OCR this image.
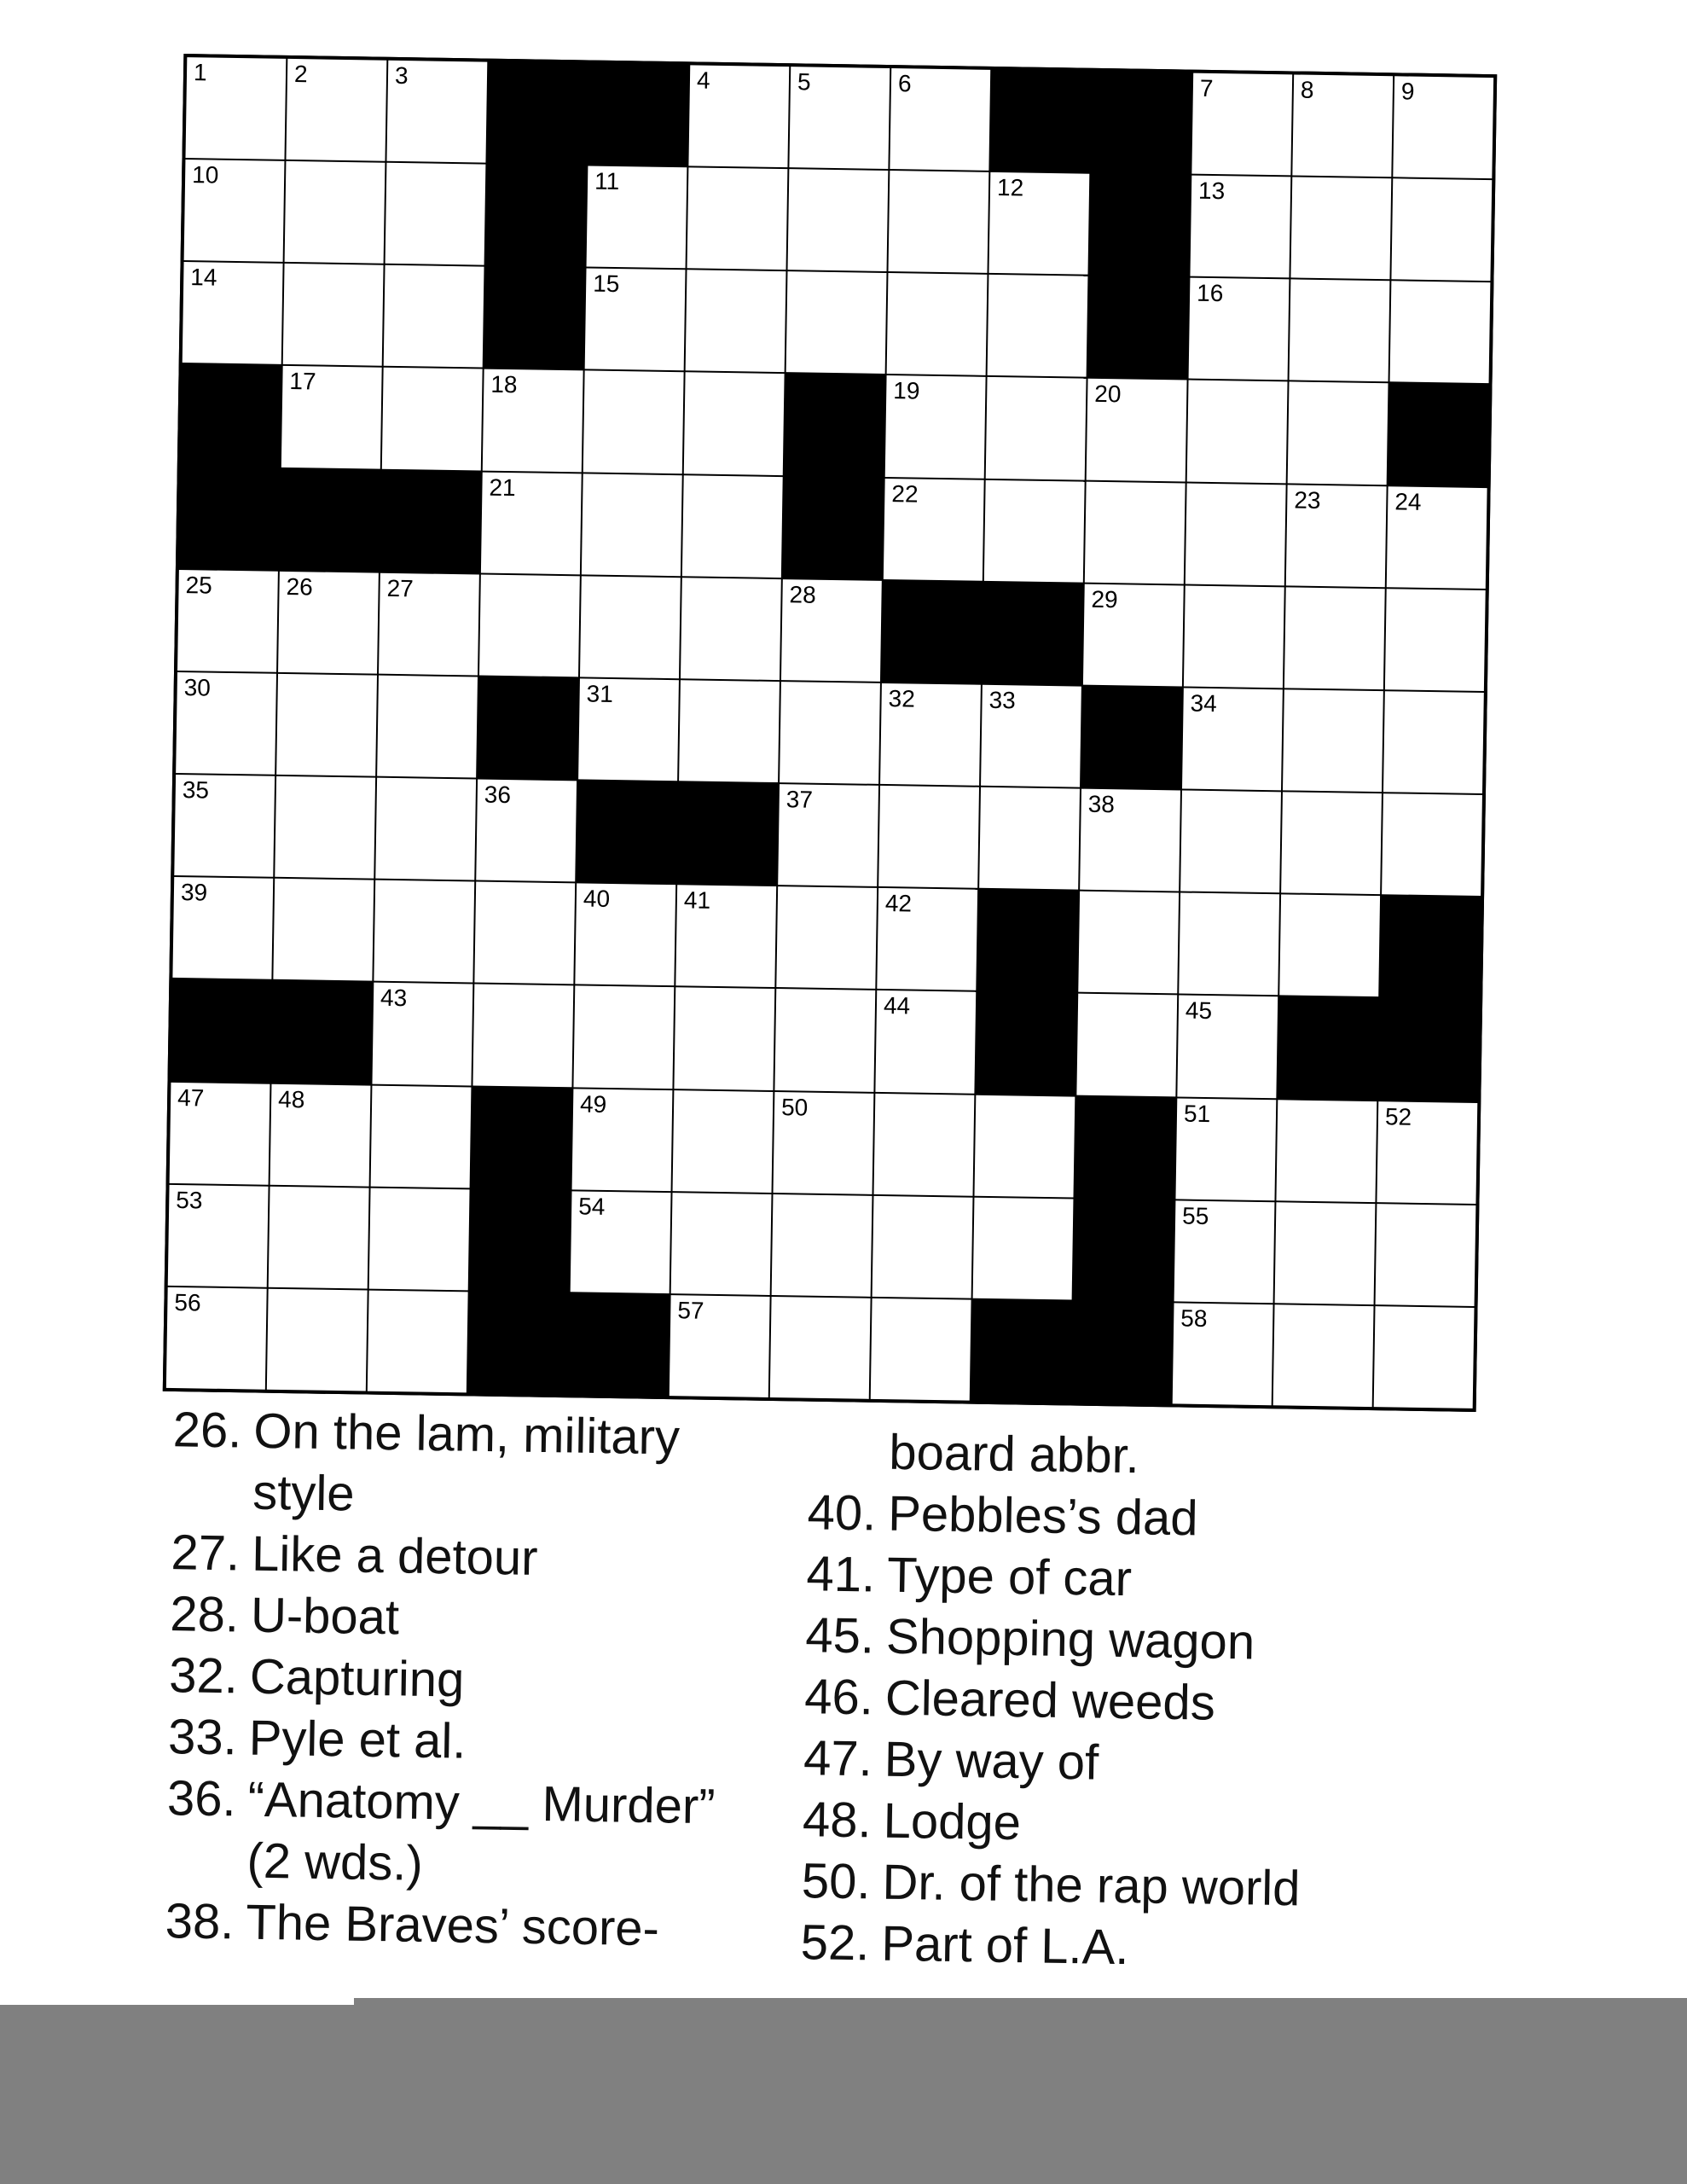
1	2	3	4	5	6	7	8	9
10	11	12	13
14	15	16
17	18	19	20
21	22	23	24
25	26	27	28	29
30	31	32	33	34
35	36	37	38
39	40	41	42
43	44	45
47	48	49	50	51	52
53	54	55
56	57	58
26. On the lam, military
style
27. Like a detour
28. U-boat
32. Capturing
33. Pyle et al.
36. “Anatomy __ Murder”
(2 wds.)
38. The Braves’ score-
board abbr.
40. Pebbles’s dad
41. Type of car
45. Shopping wagon
46. Cleared weeds
47. By way of
48. Lodge
50. Dr. of the rap world
52. Part of L.A.
